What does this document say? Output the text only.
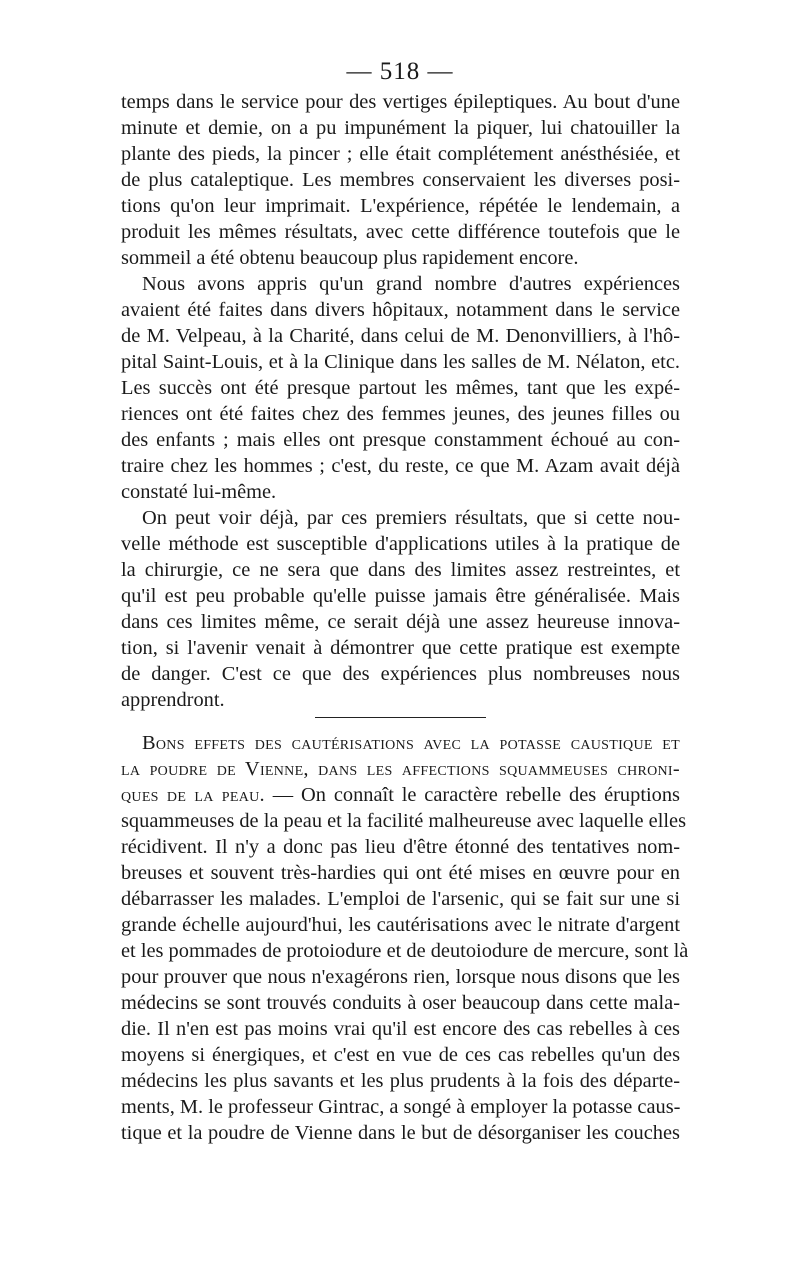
— 518 —
temps dans le service pour des vertiges épileptiques. Au bout d'une
minute et demie, on a pu impunément la piquer, lui chatouiller la
plante des pieds, la pincer ; elle était complétement anésthésiée, et
de plus cataleptique. Les membres conservaient les diverses posi-
tions qu'on leur imprimait. L'expérience, répétée le lendemain, a
produit les mêmes résultats, avec cette différence toutefois que le
sommeil a été obtenu beaucoup plus rapidement encore.
Nous avons appris qu'un grand nombre d'autres expériences
avaient été faites dans divers hôpitaux, notamment dans le service
de M. Velpeau, à la Charité, dans celui de M. Denonvilliers, à l'hô-
pital Saint-Louis, et à la Clinique dans les salles de M. Nélaton, etc.
Les succès ont été presque partout les mêmes, tant que les expé-
riences ont été faites chez des femmes jeunes, des jeunes filles ou
des enfants ; mais elles ont presque constamment échoué au con-
traire chez les hommes ; c'est, du reste, ce que M. Azam avait déjà
constaté lui-même.
On peut voir déjà, par ces premiers résultats, que si cette nou-
velle méthode est susceptible d'applications utiles à la pratique de
la chirurgie, ce ne sera que dans des limites assez restreintes, et
qu'il est peu probable qu'elle puisse jamais être généralisée. Mais
dans ces limites même, ce serait déjà une assez heureuse innova-
tion, si l'avenir venait à démontrer que cette pratique est exempte
de danger. C'est ce que des expériences plus nombreuses nous
apprendront.
Bons effets des cautérisations avec la potasse caustique et
la poudre de Vienne, dans les affections squammeuses chroni-
ques de la peau. — On connaît le caractère rebelle des éruptions
squammeuses de la peau et la facilité malheureuse avec laquelle elles
récidivent. Il n'y a donc pas lieu d'être étonné des tentatives nom-
breuses et souvent très-hardies qui ont été mises en œuvre pour en
débarrasser les malades. L'emploi de l'arsenic, qui se fait sur une si
grande échelle aujourd'hui, les cautérisations avec le nitrate d'argent
et les pommades de protoiodure et de deutoiodure de mercure, sont là
pour prouver que nous n'exagérons rien, lorsque nous disons que les
médecins se sont trouvés conduits à oser beaucoup dans cette mala-
die. Il n'en est pas moins vrai qu'il est encore des cas rebelles à ces
moyens si énergiques, et c'est en vue de ces cas rebelles qu'un des
médecins les plus savants et les plus prudents à la fois des départe-
ments, M. le professeur Gintrac, a songé à employer la potasse caus-
tique et la poudre de Vienne dans le but de désorganiser les couches
